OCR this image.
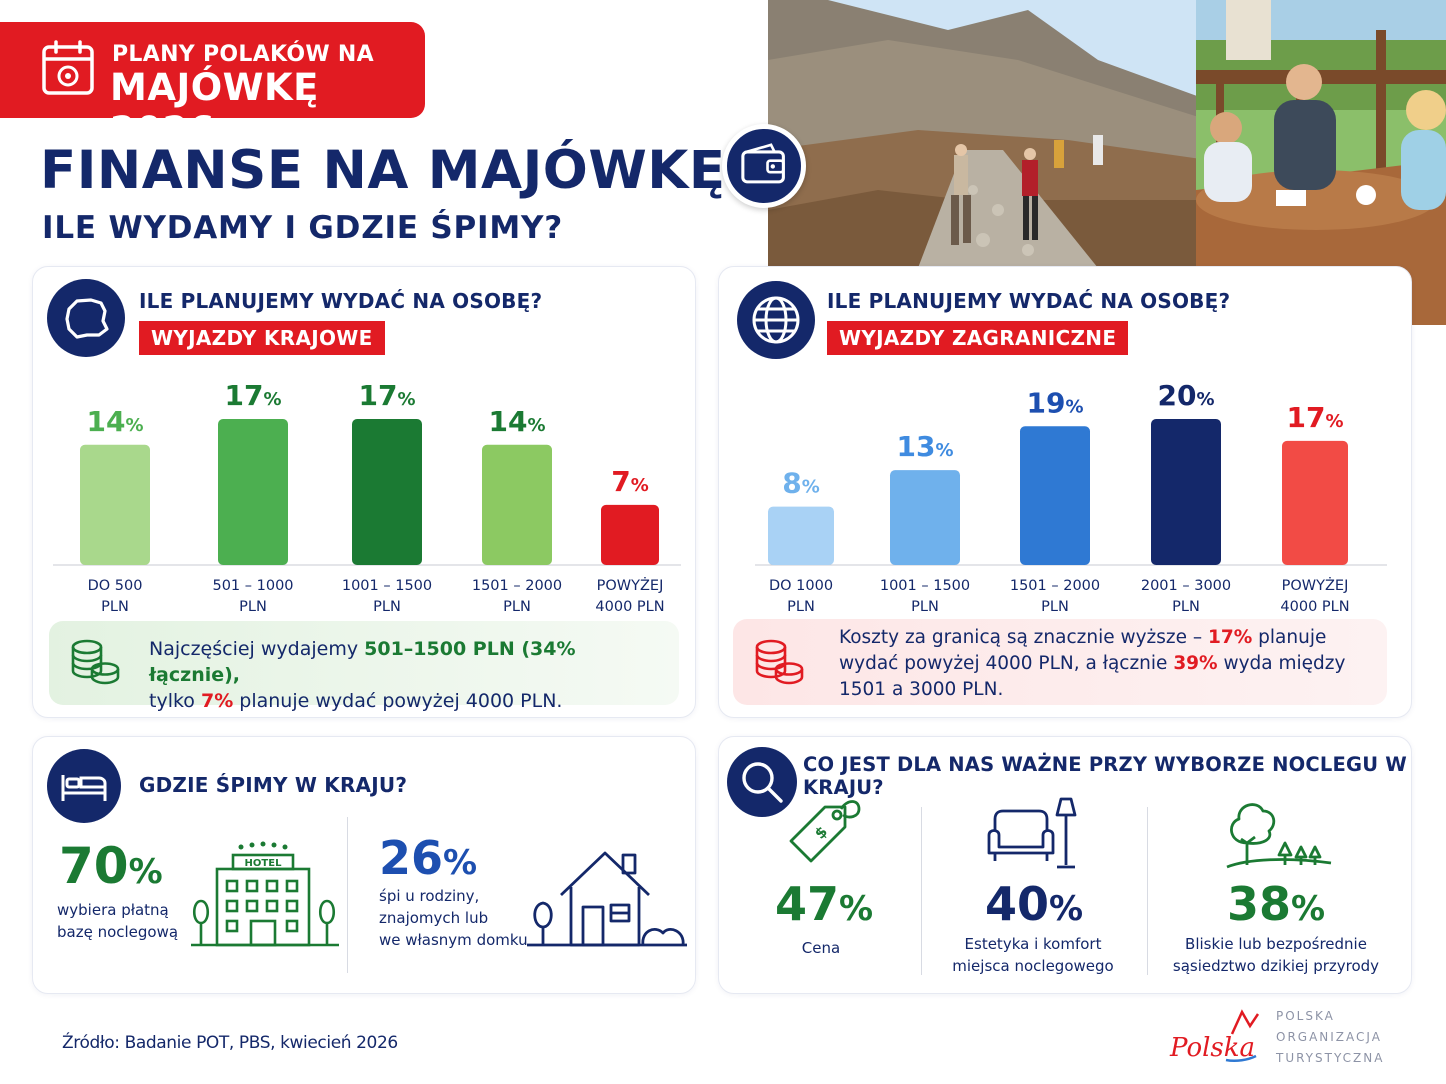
PLANY POLAKÓW NA
MAJÓWKĘ 2026
FINANSE NA MAJÓWKĘ
ILE WYDAMY I GDZIE ŚPIMY?
ILE PLANUJEMY WYDAĆ NA OSOBĘ?
WYJAZDY KRAJOWE
14%
DO 500
PLN
17%
501 – 1000
PLN
17%
1001 – 1500
PLN
14%
1501 – 2000
PLN
7%
POWYŻEJ
4000 PLN
Najczęściej wydajemy 501–1500 PLN (34% łącznie),
tylko 7% planuje wydać powyżej 4000 PLN.
ILE PLANUJEMY WYDAĆ NA OSOBĘ?
WYJAZDY ZAGRANICZNE
8%
DO 1000
PLN
13%
1001 – 1500
PLN
19%
1501 – 2000
PLN
20%
2001 – 3000
PLN
17%
POWYŻEJ
4000 PLN
Koszty za granicą są znacznie wyższe – 17% planuje
wydać powyżej 4000 PLN, a łącznie 39% wyda między
1501 a 3000 PLN.
GDZIE ŚPIMY W KRAJU?
70%
wybiera płatną
bazę noclegową
HOTEL 26%
śpi u rodziny,
znajomych lub
we własnym domku
CO JEST DLA NAS WAŻNE PRZY WYBORZE NOCLEGU W KRAJU?
$
47%
Cena
40%
Estetyka i komfort
miejsca noclegowego
38%
Bliskie lub bezpośrednie
sąsiedztwo dzikiej przyrody
Źródło: Badanie POT, PBS, kwiecień 2026	Polska
POLSKA
ORGANIZACJA
TURYSTYCZNA
